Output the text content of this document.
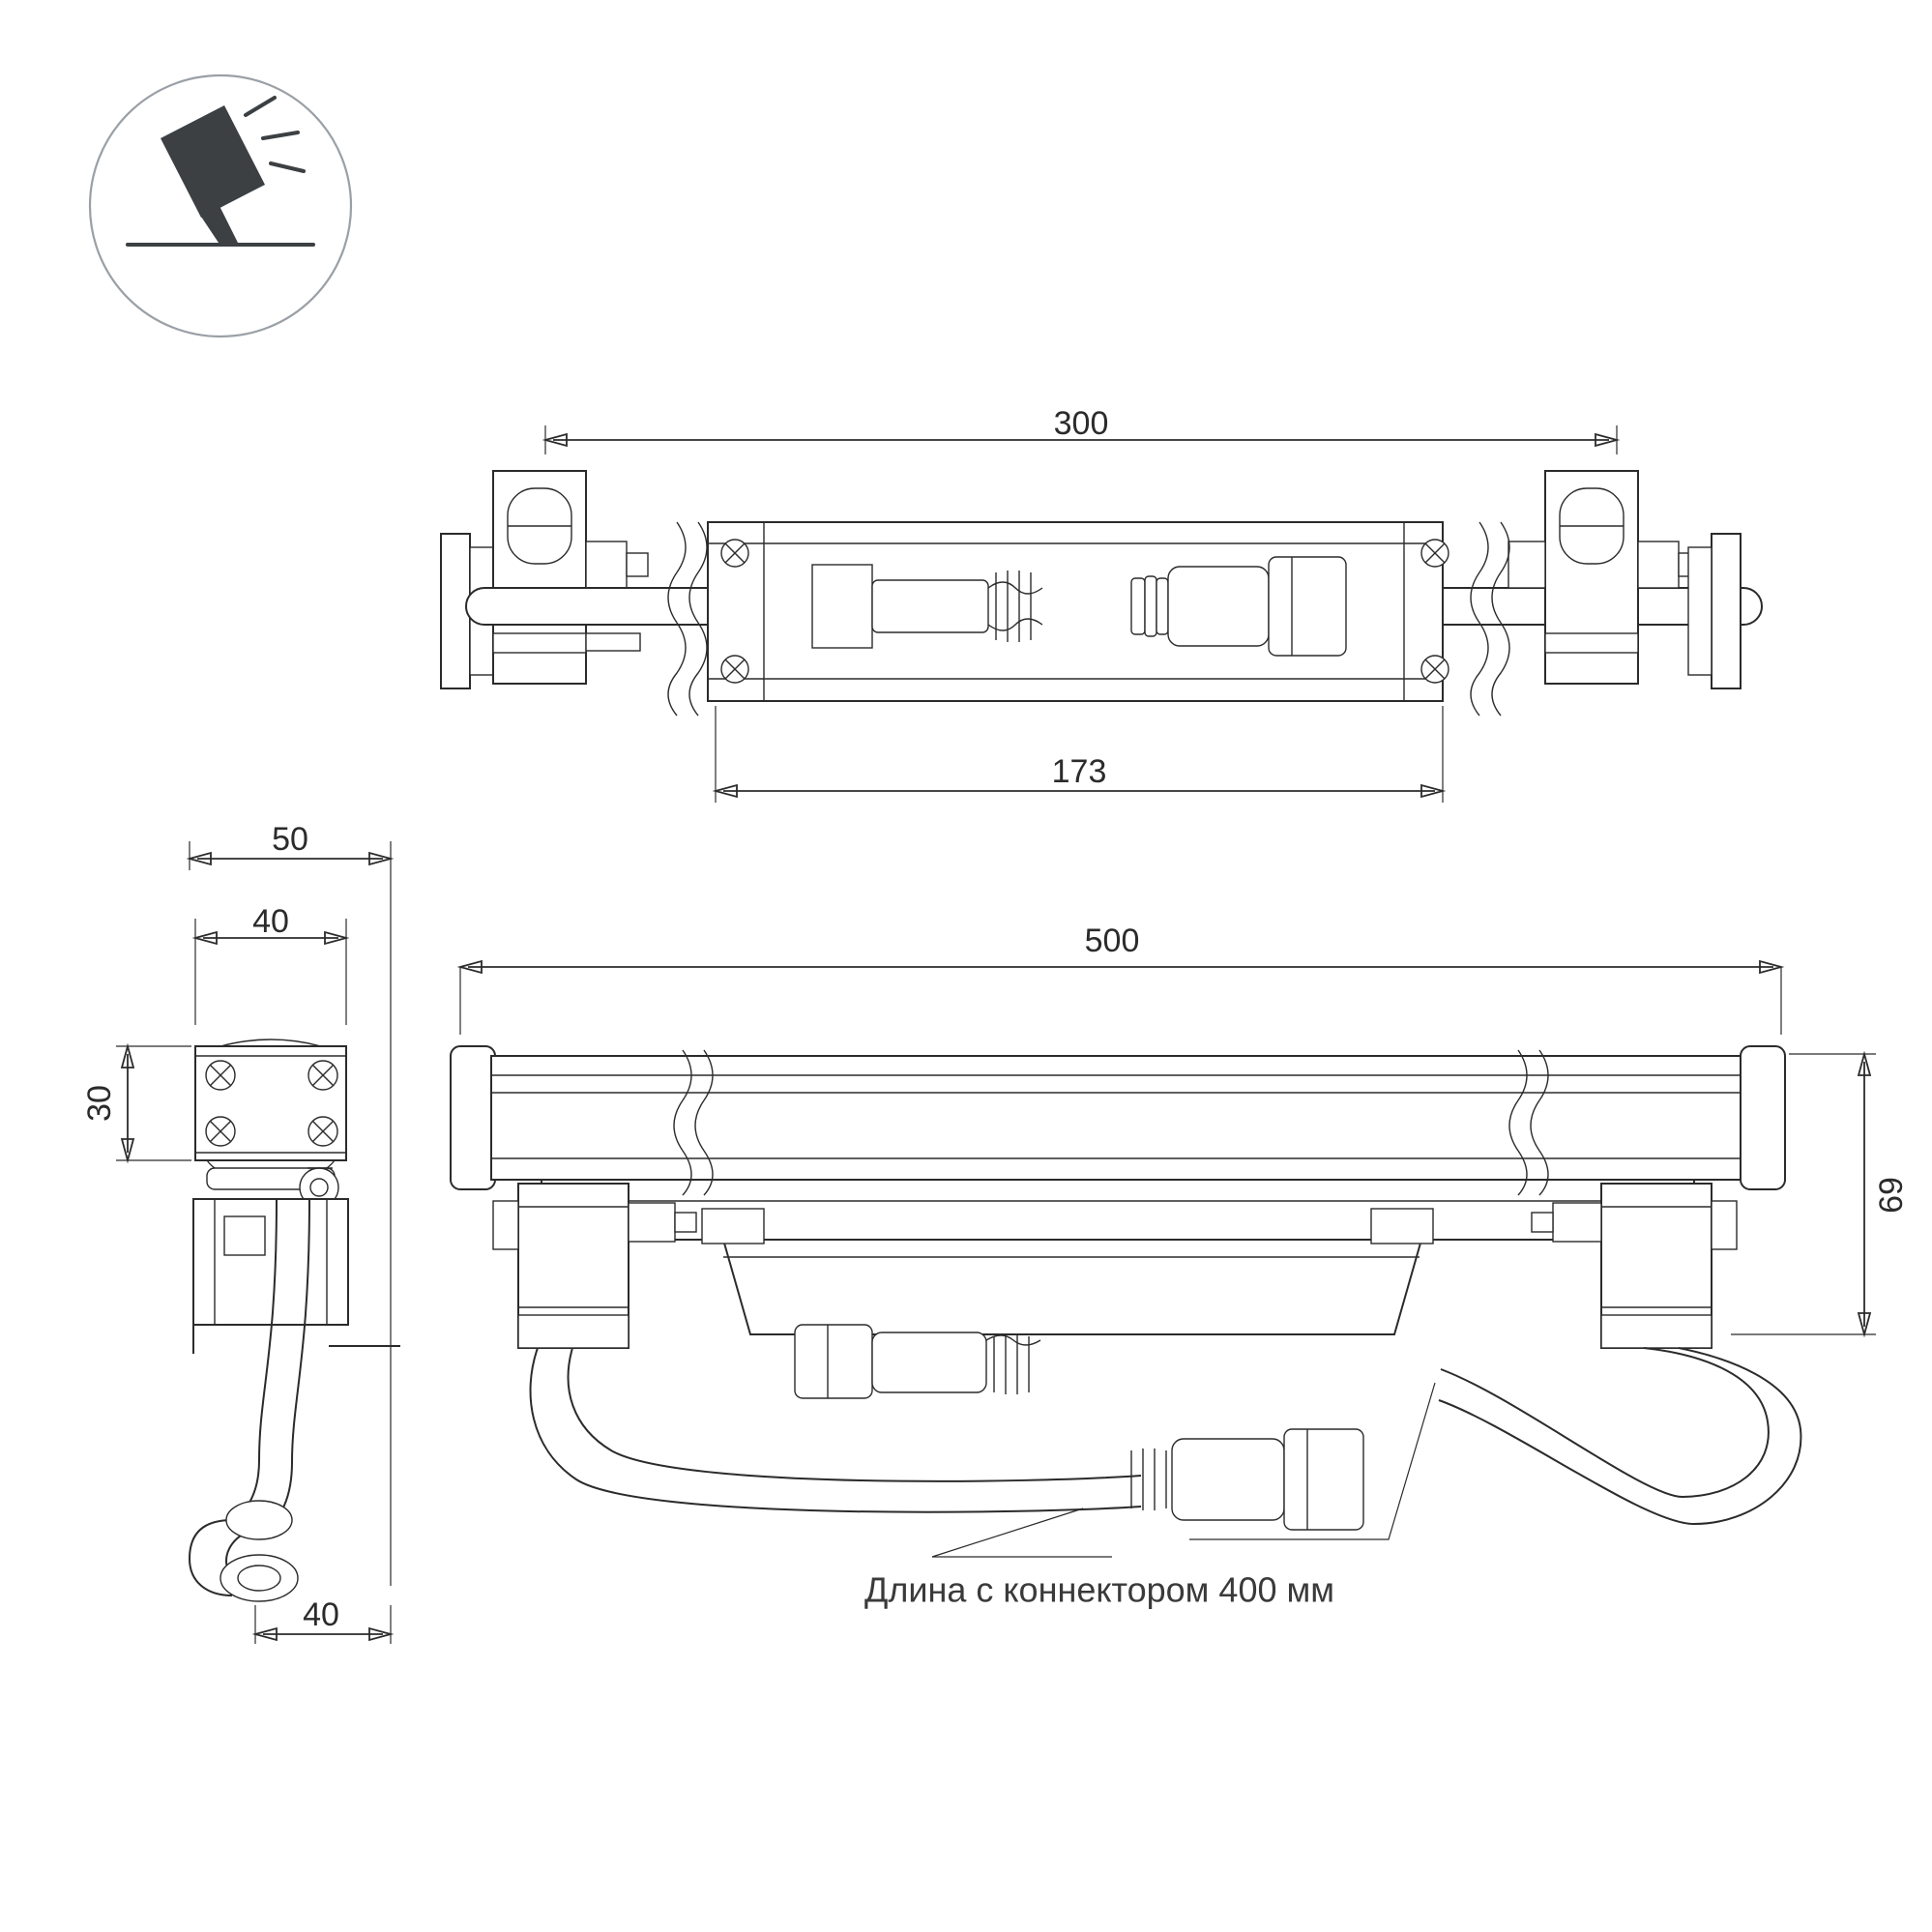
300
173
50
40
30
40
500
69
Длина с коннектором 400 мм
